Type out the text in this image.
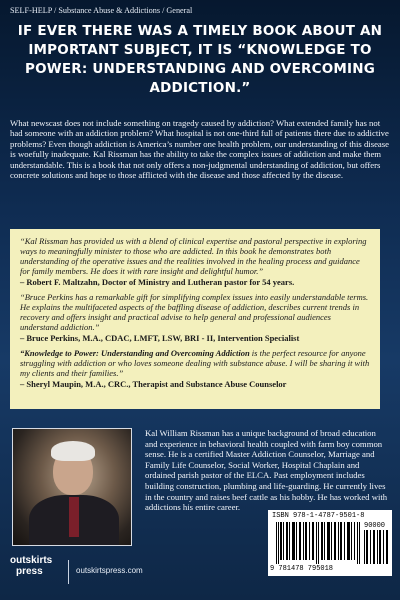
SELF-HELP / Substance Abuse & Addictions / General
IF EVER THERE WAS A TIMELY BOOK ABOUT AN IMPORTANT SUBJECT, IT IS “KNOWLEDGE TO POWER: UNDERSTANDING AND OVERCOMING ADDICTION.”
What newscast does not include something on tragedy caused by addiction? What extended family has not had someone with an addiction problem? What hospital is not one-third full of patients there due to addictive problems? Even though addiction is America’s number one health problem, our understanding of this disease is woefully inadequate. Kal Rissman has the ability to take the complex issues of addiction and make them understandable. This is a book that not only offers a non-judgmental understanding of addiction, but offers concrete solutions and hope to those afflicted with the disease and those affected by the disease.

“Kal Rissman has provided us with a blend of clinical expertise and pastoral perspective in exploring ways to meaningfully minister to those who are addicted. In this book he demonstrates both understanding of the operative issues and the realities involved in the healing process and guidance for family members. He does it with rare insight and delightful humor.”

– Robert F. Maltzahn, Doctor of Ministry and Lutheran pastor for 54 years.

“Bruce Perkins has a remarkable gift for simplifying complex issues into easily understandable terms. He explains the multifaceted aspects of the baffling disease of addiction, describes current trends in recovery and offers insight and practical advise to help general and professional audiences understand addiction.”

– Bruce Perkins, M.A., CDAC, LMFT, LSW, BRI - II, Intervention Specialist

“Knowledge to Power: Understanding and Overcoming Addiction is the perfect resource for anyone struggling with addiction or who loves someone dealing with substance abuse. I will be sharing it with my clients and their families.”

– Sheryl Maupin, M.A., CRC., Therapist and Substance Abuse Counselor

Kal William Rissman has a unique background of broad education and experience in behavioral health coupled with farm boy common sense. He is a certified Master Addiction Counselor, Marriage and Family Life Counselor, Social Worker, Hospital Chaplain and ordained parish pastor of the ELCA. Past employment includes building construction, plumbing and life-guarding. He currently lives in the country and raises beef cattle as his hobby. He has worked with addictions his entire career.
ISBN 978-1-4787-9501-8
90000
9 781478 795018
outskirts
press	outskirtspress.com
